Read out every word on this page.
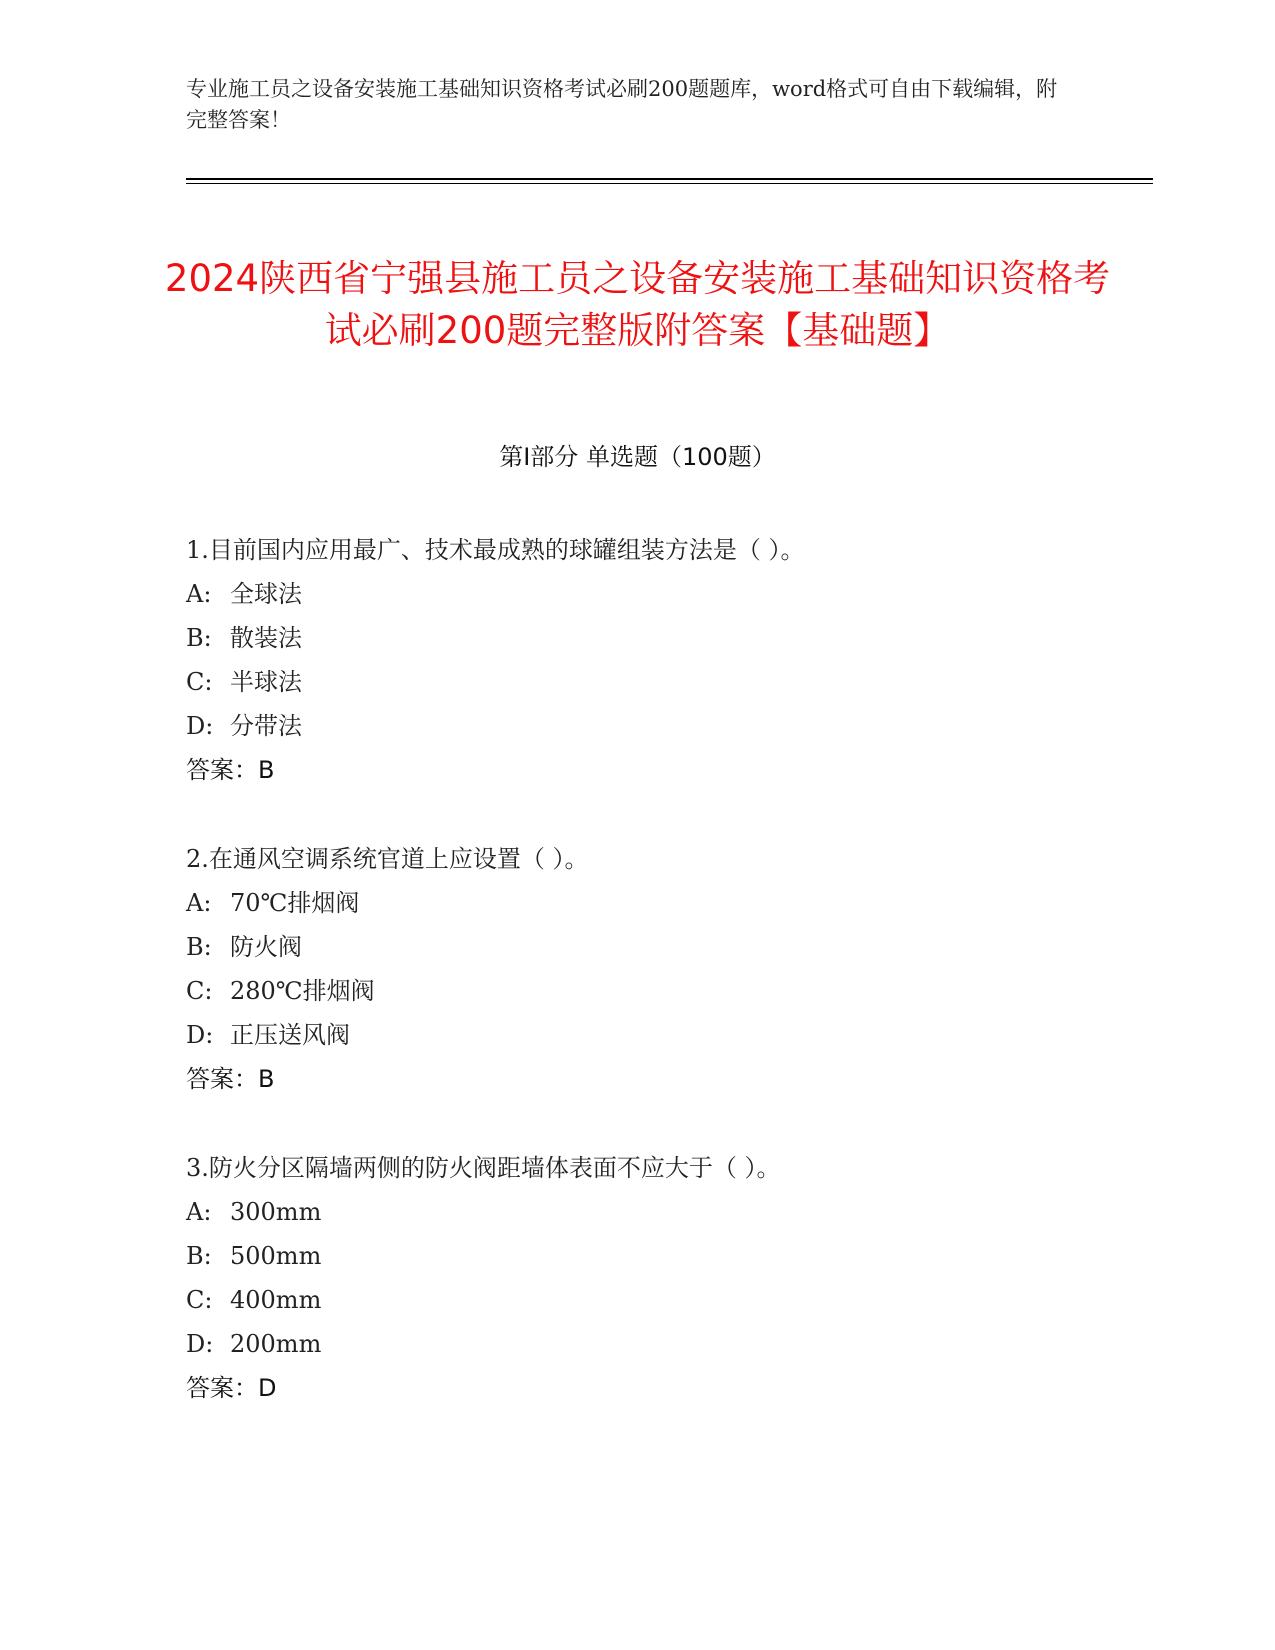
专业施工员之设备安装施工基础知识资格考试必刷200题题库，word格式可自由下载编辑，附完整答案！
2024陕西省宁强县施工员之设备安装施工基础知识资格考试必刷200题完整版附答案【基础题】
第I部分 单选题（100题）
1.目前国内应用最广、技术最成熟的球罐组装方法是（ ）。
A: 全球法
B: 散装法
C: 半球法
D: 分带法
答案：B
2.在通风空调系统官道上应设置（ ）。
A: 70℃排烟阀
B: 防火阀
C: 280℃排烟阀
D: 正压送风阀
答案：B
3.防火分区隔墙两侧的防火阀距墙体表面不应大于（ ）。
A: 300mm
B: 500mm
C: 400mm
D: 200mm
答案：D
